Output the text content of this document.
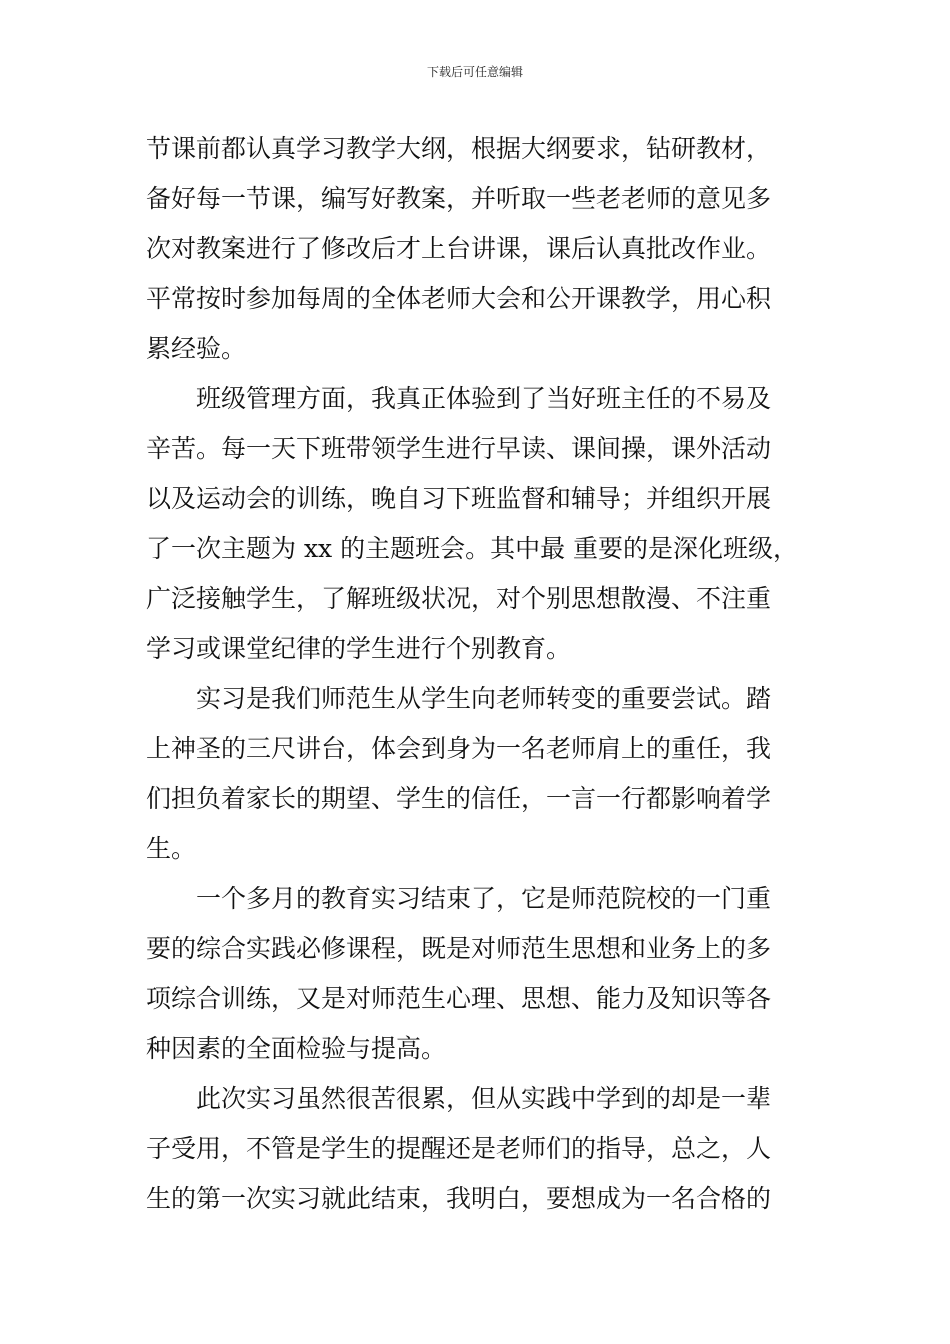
下载后可任意编辑
节课前都认真学习教学大纲，根据大纲要求，钻研教材，
备好每一节课，编写好教案，并听取一些老老师的意见多
次对教案进行了修改后才上台讲课，课后认真批改作业。
平常按时参加每周的全体老师大会和公开课教学，用心积
累经验。
班级管理方面，我真正体验到了当好班主任的不易及
辛苦。每一天下班带领学生进行早读、课间操，课外活动
以及运动会的训练，晚自习下班监督和辅导；并组织开展
了一次主题为 xx 的主题班会。其中最 重要的是深化班级，
广泛接触学生，了解班级状况，对个别思想散漫、不注重
学习或课堂纪律的学生进行个别教育。
实习是我们师范生从学生向老师转变的重要尝试。踏
上神圣的三尺讲台，体会到身为一名老师肩上的重任，我
们担负着家长的期望、学生的信任，一言一行都影响着学
生。
一个多月的教育实习结束了，它是师范院校的一门重
要的综合实践必修课程，既是对师范生思想和业务上的多
项综合训练，又是对师范生心理、思想、能力及知识等各
种因素的全面检验与提高。
此次实习虽然很苦很累，但从实践中学到的却是一辈
子受用，不管是学生的提醒还是老师们的指导，总之，人
生的第一次实习就此结束，我明白，要想成为一名合格的
